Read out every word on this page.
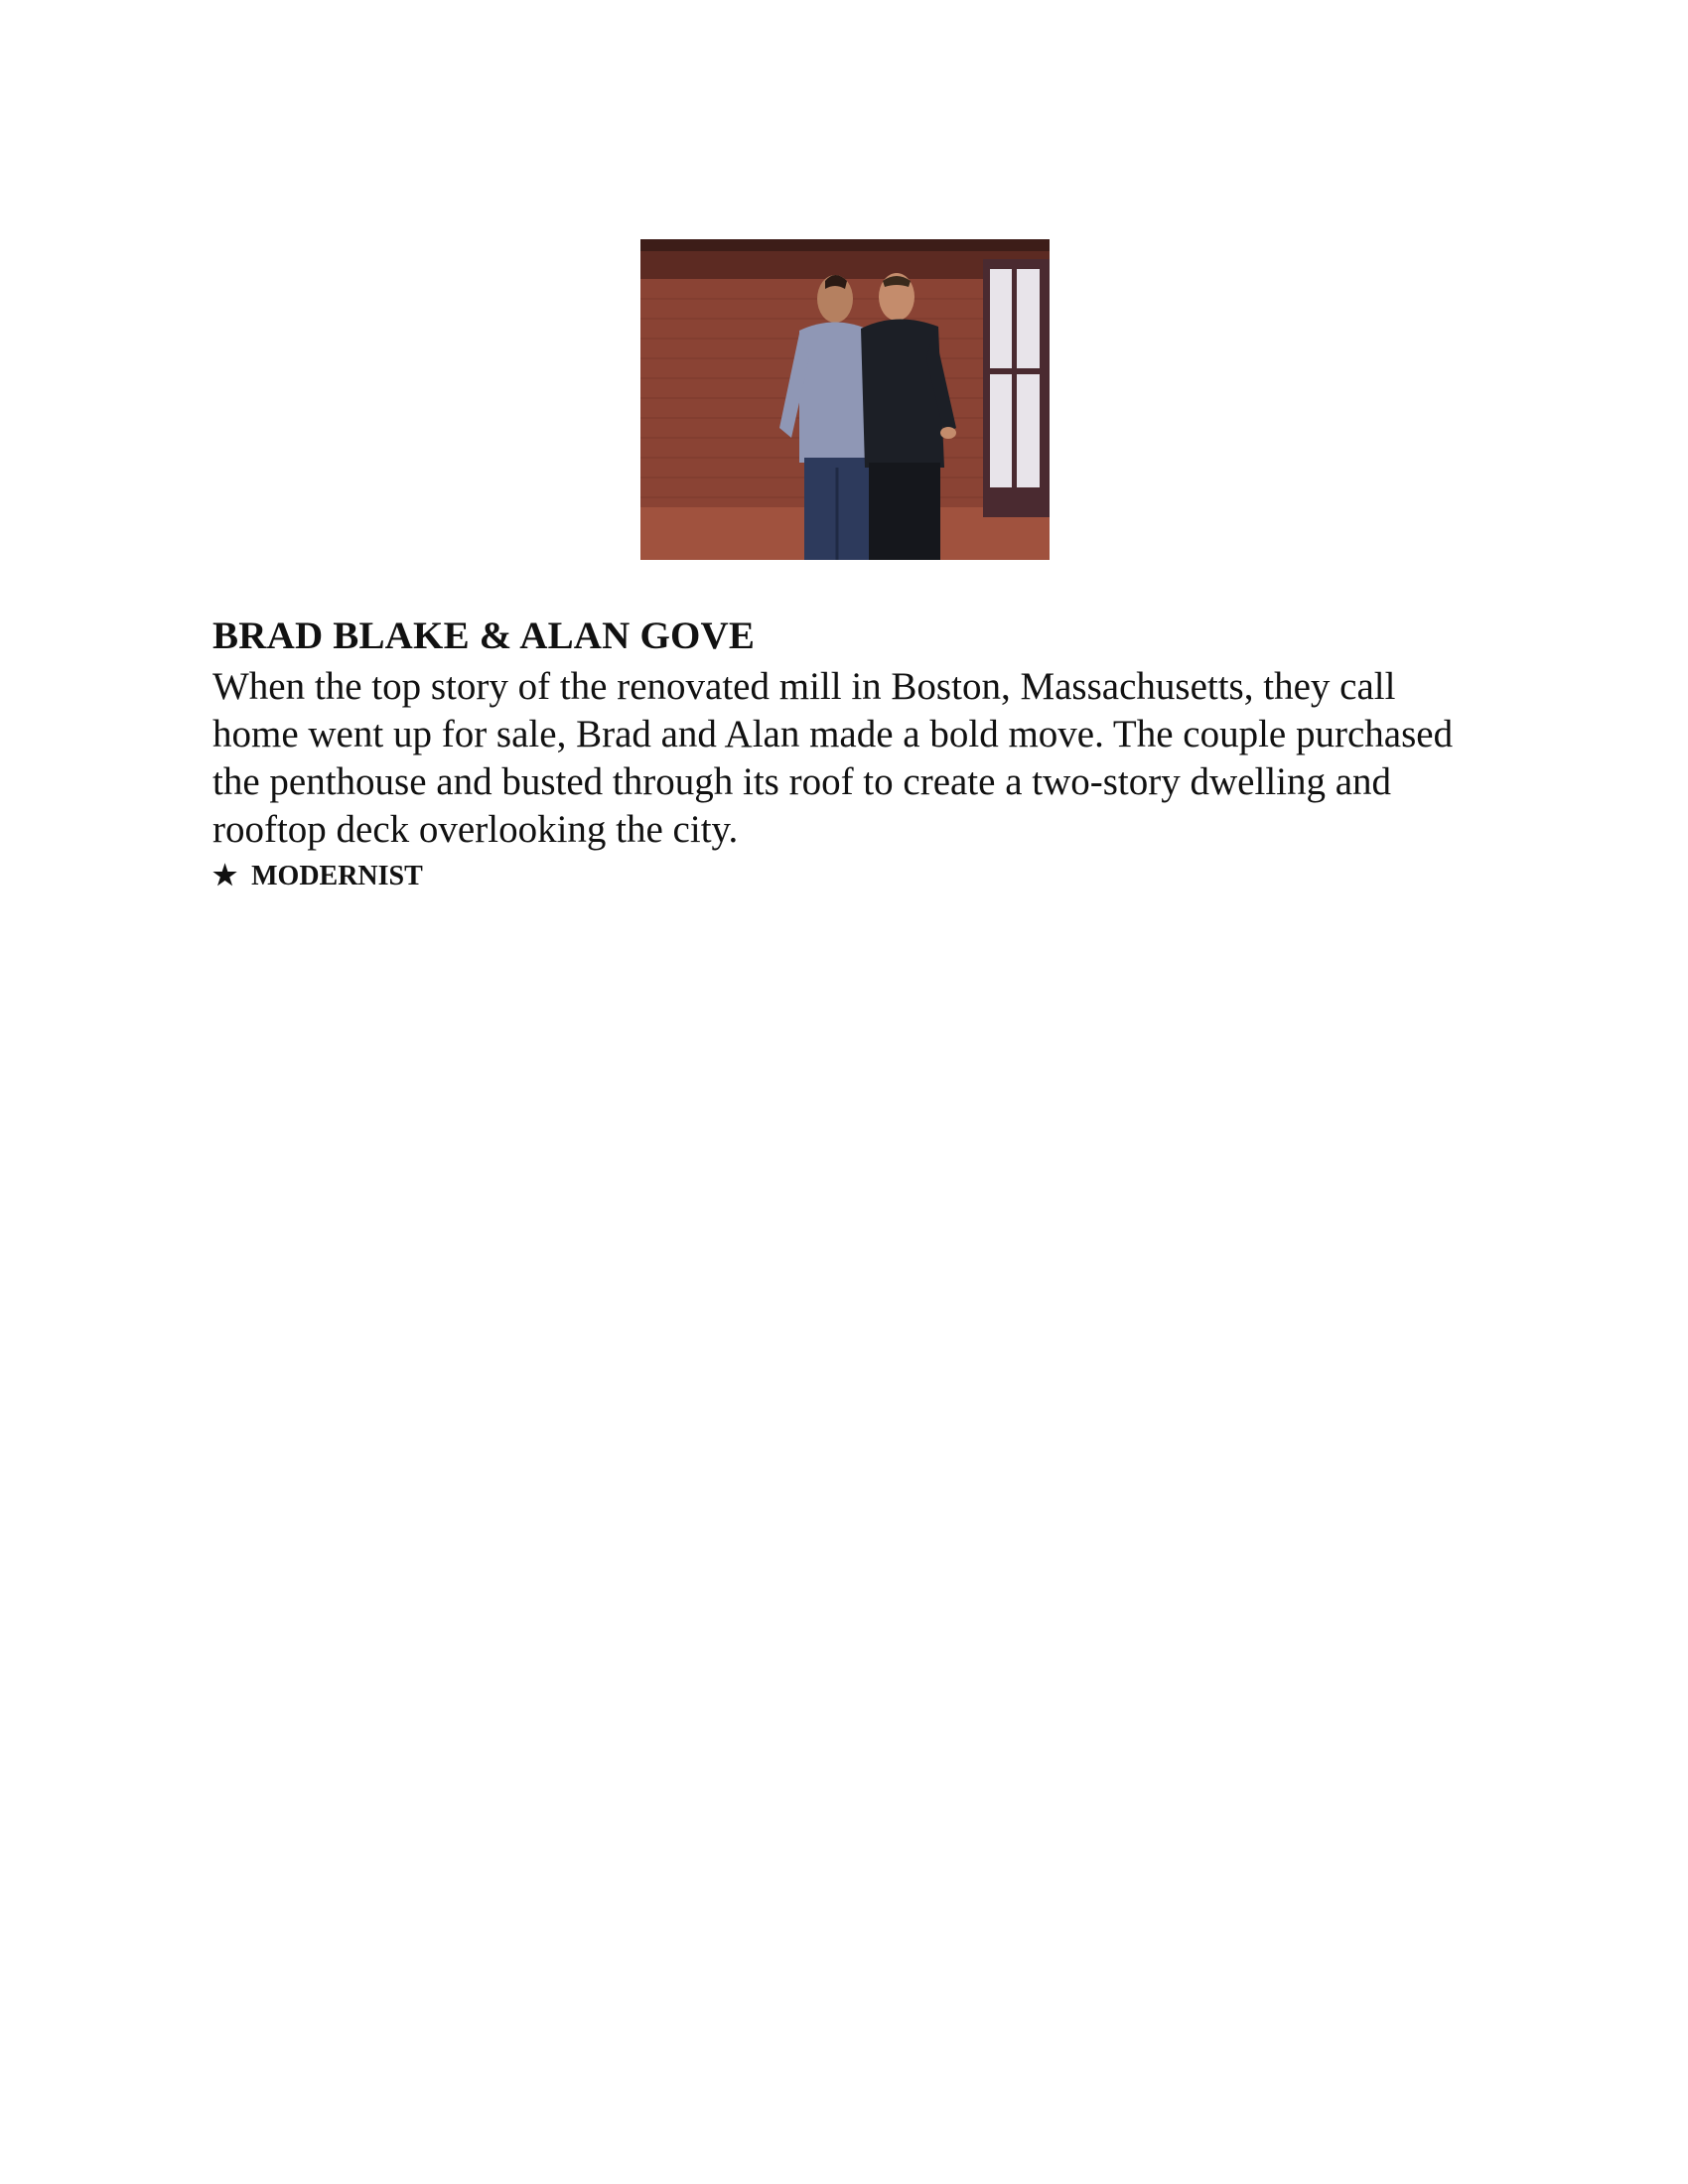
BRAD BLAKE & ALAN GOVE

When the top story of the renovated mill in Boston, Massachusetts, they call home went up for sale, Brad and Alan made a bold move. The couple purchased the penthouse and busted through its roof to create a two-story dwelling and rooftop deck overlooking the city.

★ MODERNIST
